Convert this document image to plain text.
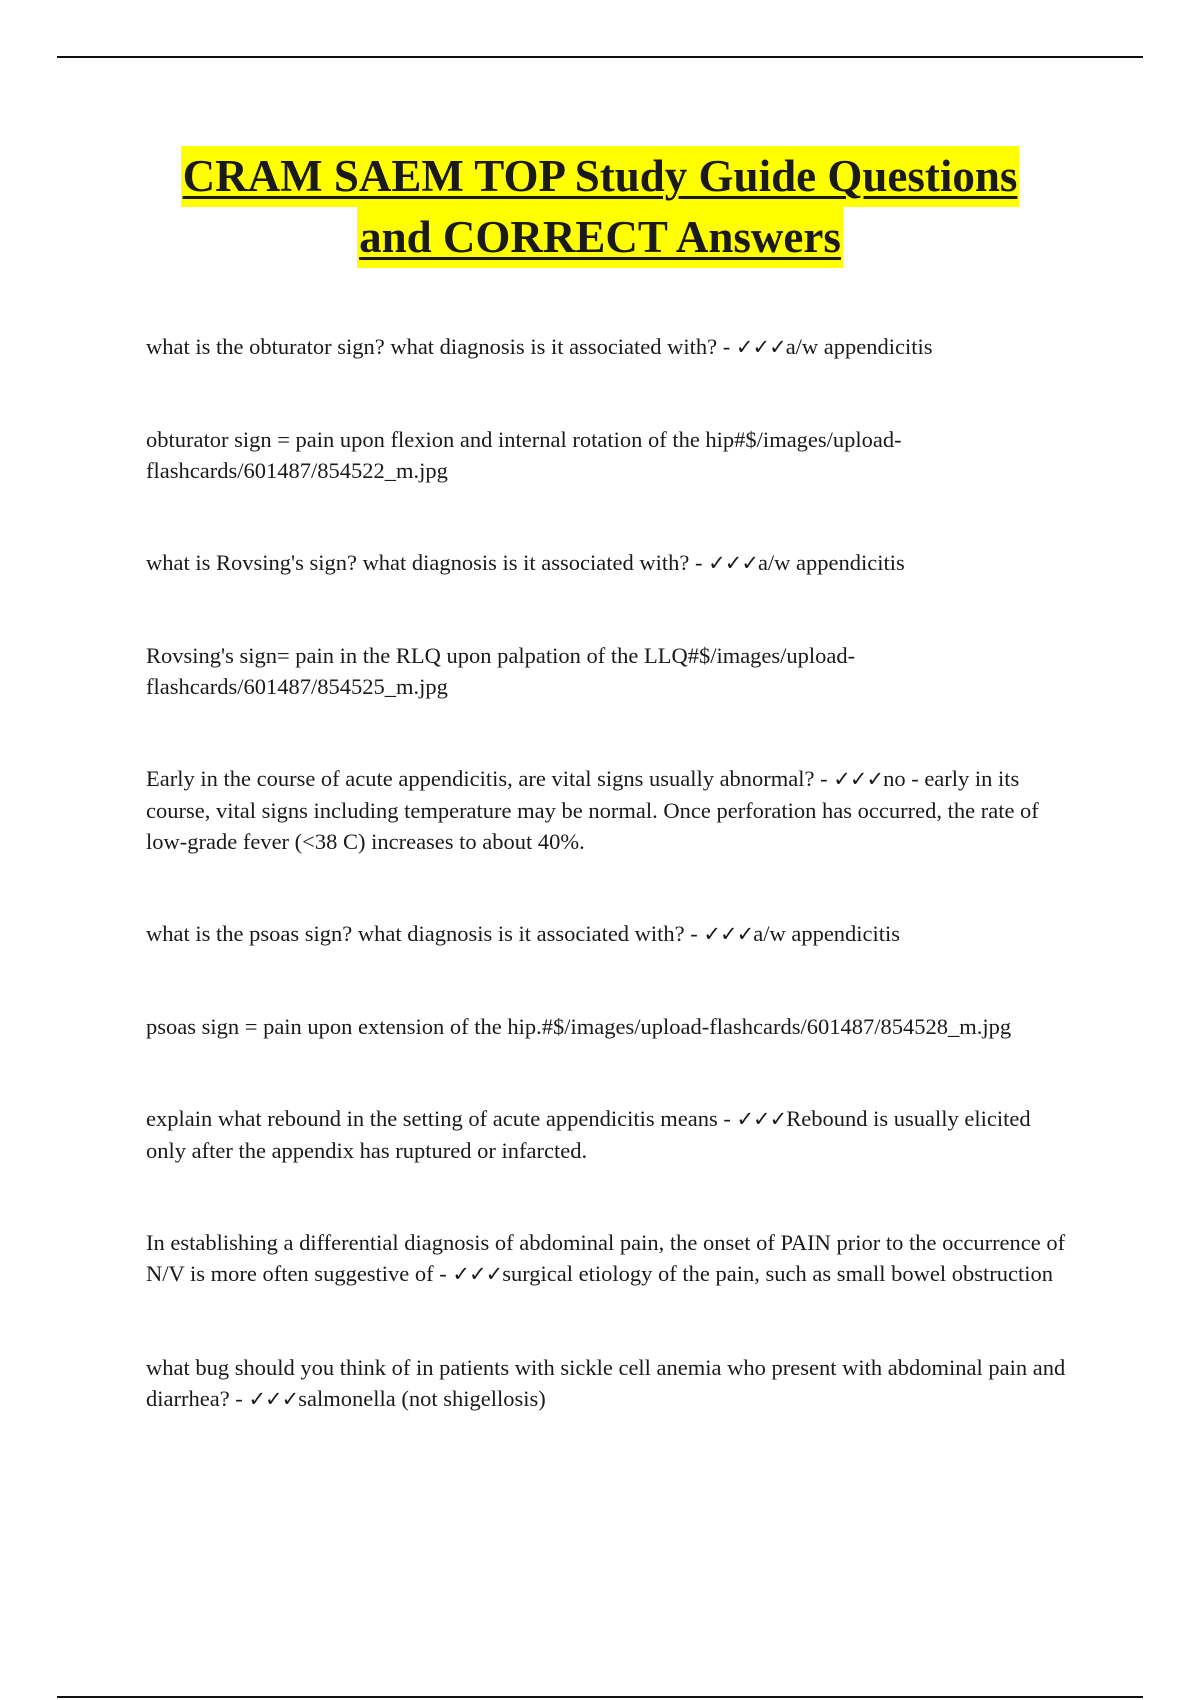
CRAM SAEM TOP Study Guide Questions
and CORRECT Answers

what is the obturator sign? what diagnosis is it associated with? - ✓✓✓a/w appendicitis

obturator sign = pain upon flexion and internal rotation of the hip#$/images/upload-flashcards/601487/854522_m.jpg

what is Rovsing's sign? what diagnosis is it associated with? - ✓✓✓a/w appendicitis

Rovsing's sign= pain in the RLQ upon palpation of the LLQ#$/images/upload-flashcards/601487/854525_m.jpg

Early in the course of acute appendicitis, are vital signs usually abnormal? - ✓✓✓no - early in its course, vital signs including temperature may be normal. Once perforation has occurred, the rate of low-grade fever (<38 C) increases to about 40%.

what is the psoas sign? what diagnosis is it associated with? - ✓✓✓a/w appendicitis

psoas sign = pain upon extension of the hip.#$/images/upload-flashcards/601487/854528_m.jpg

explain what rebound in the setting of acute appendicitis means - ✓✓✓Rebound is usually elicited only after the appendix has ruptured or infarcted.

In establishing a differential diagnosis of abdominal pain, the onset of PAIN prior to the occurrence of N/V is more often suggestive of - ✓✓✓surgical etiology of the pain, such as small bowel obstruction

what bug should you think of in patients with sickle cell anemia who present with abdominal pain and diarrhea? - ✓✓✓salmonella (not shigellosis)
